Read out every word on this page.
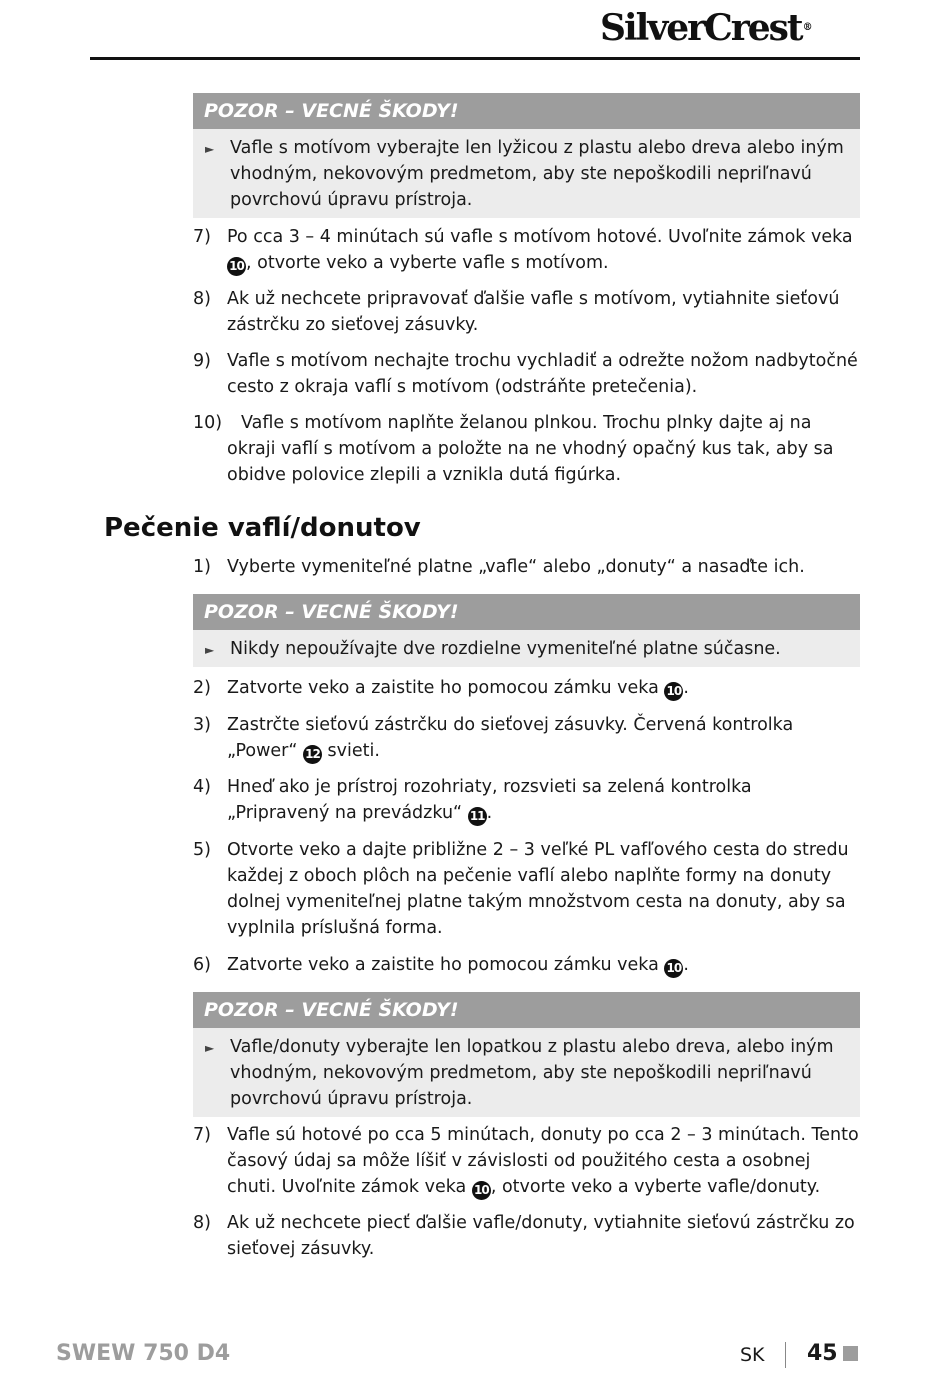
SilverCrest®
POZOR – VECNÉ ŠKODY!
► Vafle s motívom vyberajte len lyžicou z plastu alebo dreva alebo iným vhodným, nekovovým predmetom, aby ste nepoškodili nepriľnavú povrchovú úpravu prístroja.
7) Po cca 3 – 4 minútach sú vafle s motívom hotové. Uvoľnite zámok veka 10 , otvorte veko a vyberte vafle s motívom.
8) Ak už nechcete pripravovať ďalšie vafle s motívom, vytiahnite sieťovú zástrčku zo sieťovej zásuvky.
9) Vafle s motívom nechajte trochu vychladiť a odrežte nožom nadbytočné cesto z okraja vaflí s motívom (odstráňte pretečenia).
10)	Vafle s motívom naplňte želanou plnkou. Trochu plnky dajte aj na okraji vaflí s motívom a položte na ne vhodný opačný kus tak, aby sa obidve polovice zlepili a vznikla dutá figúrka.
Pečenie vaflí/donutov
1) Vyberte vymeniteľné platne „vafle“ alebo „donuty“ a nasaďte ich.
POZOR – VECNÉ ŠKODY!
► Nikdy nepoužívajte dve rozdielne vymeniteľné platne súčasne.
2) Zatvorte veko a zaistite ho pomocou zámku veka 10 .
3) Zastrčte sieťovú zástrčku do sieťovej zásuvky. Červená kontrolka „Power“ 12 svieti.
4) Hneď ako je prístroj rozohriaty, rozsvieti sa zelená kontrolka „Pripravený na prevádzku“ 11 .
5) Otvorte veko a dajte približne 2 – 3 veľké PL vafľového cesta do stredu každej z oboch plôch na pečenie vaflí alebo naplňte formy na donuty dolnej vymeniteľnej platne takým množstvom cesta na donuty, aby sa vyplnila príslušná forma.
6) Zatvorte veko a zaistite ho pomocou zámku veka 10 .
POZOR – VECNÉ ŠKODY!
► Vafle/donuty vyberajte len lopatkou z plastu alebo dreva, alebo iným vhodným, nekovovým predmetom, aby ste nepoškodili nepriľnavú povrchovú úpravu prístroja.
7) Vafle sú hotové po cca 5 minútach, donuty po cca 2 – 3 minútach. Tento časový údaj sa môže líšiť v závislosti od použitého cesta a osobnej chuti. Uvoľnite zámok veka 10 , otvorte veko a vyberte vafle/donuty.
8) Ak už nechcete piecť ďalšie vafle/donuty, vytiahnite sieťovú zástrčku zo sieťovej zásuvky.
SWEW 750 D4	SK 45
